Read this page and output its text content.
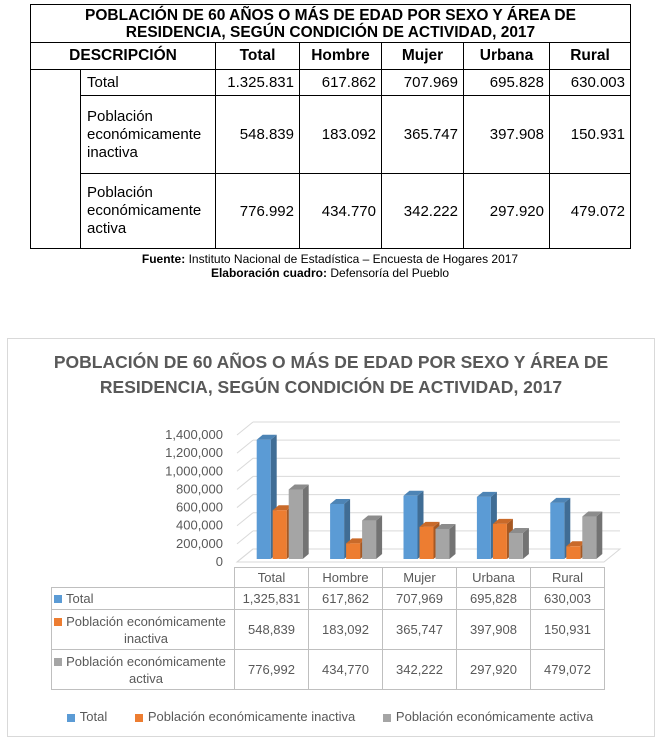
POBLACIÓN DE 60 AÑOS O MÁS DE EDAD POR SEXO Y ÁREA DE RESIDENCIA, SEGÚN CONDICIÓN DE ACTIVIDAD, 2017						
DESCRIPCIÓN		Total	Hombre	Mujer	Urbana	Rural
	Total	1.325.831	617.862	707.969	695.828	630.003
	Población económicamente inactiva	548.839	183.092	365.747	397.908	150.931
	Población económicamente activa	776.992	434.770	342.222	297.920	479.072
Fuente: Instituto Nacional de Estadística – Encuesta de Hogares 2017
Elaboración cuadro: Defensoría del Pueblo
POBLACIÓN DE 60 AÑOS O MÁS DE EDAD POR SEXO Y ÁREA DE RESIDENCIA, SEGÚN CONDICIÓN DE ACTIVIDAD, 2017
0
200,000
400,000
600,000
800,000
1,000,000
1,200,000
1,400,000
	Total	Hombre	Mujer	Urbana	Rural
Total	1,325,831	617,862	707,969	695,828	630,003
Población económicamente inactiva	548,839	183,092	365,747	397,908	150,931
Población económicamente activa	776,992	434,770	342,222	297,920	479,072
Total	Población económicamente inactiva	Población económicamente activa
